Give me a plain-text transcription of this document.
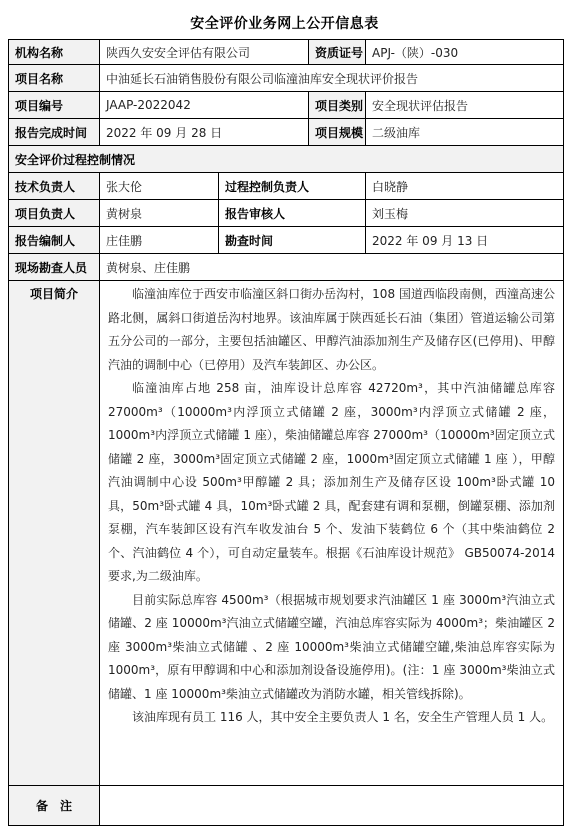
安全评价业务网上公开信息表
机构名称	陕西久安安全评估有限公司		资质证号	APJ-（陕）-030
项目名称	中油延长石油销售股份有限公司临潼油库安全现状评价报告			
项目编号	JAAP-2022042		项目类别	安全现状评估报告
报告完成时间	2022 年 09 月 28 日		项目规模	二级油库
安全评价过程控制情况				
技术负责人	张大伦	过程控制负责人		白晓静
项目负责人	黄树泉	报告审核人		刘玉梅
报告编制人	庄佳鹏	勘查时间		2022 年 09 月 13 日
现场勘查人员	黄树泉、庄佳鹏			
项目简介	临潼油库位于西安市临潼区斜口街办岳沟村，108 国道西临段南侧，西潼高速公路北侧，属斜口街道岳沟村地界。该油库属于陕西延长石油（集团）管道运输公司第五分公司的一部分，主要包括油罐区、甲醇汽油添加剂生产及储存区(已停用)、甲醇汽油的调制中心（已停用）及汽车装卸区、办公区。

临潼油库占地 258 亩，油库设计总库容 42720m³，其中汽油储罐总库容 27000m³（10000m³内浮顶立式储罐 2 座，3000m³内浮顶立式储罐 2 座，1000m³内浮顶立式储罐 1 座），柴油储罐总库容 27000m³（10000m³固定顶立式储罐 2 座，3000m³固定顶立式储罐 2 座，1000m³固定顶立式储罐 1 座 ），甲醇汽油调制中心设 500m³甲醇罐 2 具；添加剂生产及储存区设 100m³卧式罐 10 具，50m³卧式罐 4 具，10m³卧式罐 2 具，配套建有调和泵棚，倒罐泵棚、添加剂泵棚，汽车装卸区设有汽车收发油台 5 个、发油下装鹤位 6 个（其中柴油鹤位 2 个、汽油鹤位 4 个），可自动定量装车。根据《石油库设计规范》 GB50074-2014 要求,为二级油库。

目前实际总库容 4500m³（根据城市规划要求汽油罐区 1 座 3000m³汽油立式储罐、2 座 10000m³汽油立式储罐空罐，汽油总库容实际为 4000m³；柴油罐区 2 座 3000m³柴油立式储罐 、2 座 10000m³柴油立式储罐空罐,柴油总库容实际为 1000m³，原有甲醇调和中心和添加剂设备设施停用)。(注：1 座 3000m³柴油立式储罐、1 座 10000m³柴油立式储罐改为消防水罐，相关管线拆除)。

该油库现有员工 116 人，其中安全主要负责人 1 名，安全生产管理人员 1 人。			

备　注				
